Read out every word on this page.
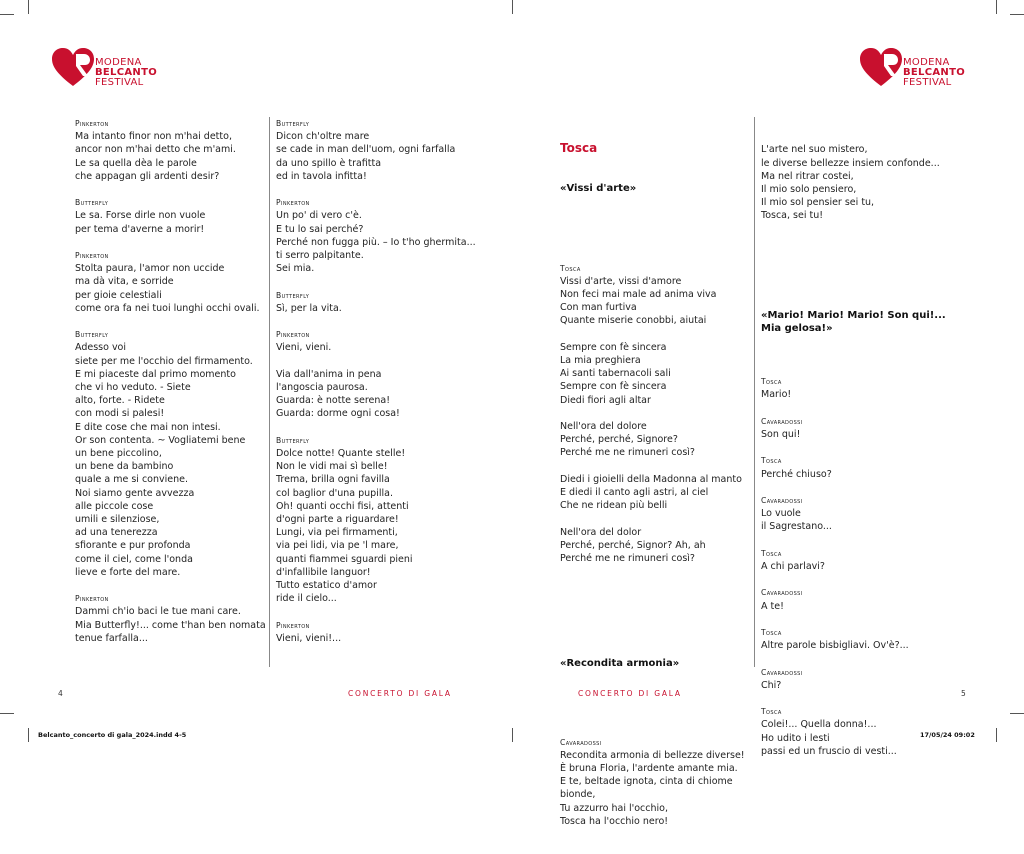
MODENA
BELCANTO
FESTIVAL
MODENA
BELCANTO
FESTIVAL
Pinkerton
Ma intanto finor non m'hai detto,
ancor non m'hai detto che m'ami.
Le sa quella dèa le parole
che appagan gli ardenti desir?
Butterfly
Le sa. Forse dirle non vuole
per tema d'averne a morir!
Pinkerton
Stolta paura, l'amor non uccide
ma dà vita, e sorride
per gioie celestiali
come ora fa nei tuoi lunghi occhi ovali.
Butterfly
Adesso voi
siete per me l'occhio del firmamento.
E mi piaceste dal primo momento
che vi ho veduto. - Siete
alto, forte. - Ridete
con modi si palesi!
E dite cose che mai non intesi.
Or son contenta. ~ Vogliatemi bene
un bene piccolino,
un bene da bambino
quale a me si conviene.
Noi siamo gente avvezza
alle piccole cose
umili e silenziose,
ad una tenerezza
sfiorante e pur profonda
come il ciel, come l'onda
lieve e forte del mare.
Pinkerton
Dammi ch'io baci le tue mani care.
Mia Butterfly!... come t'han ben nomata
tenue farfalla...
Butterfly
Dicon ch'oltre mare
se cade in man dell'uom, ogni farfalla
da uno spillo è trafitta
ed in tavola infitta!
Pinkerton
Un po' di vero c'è.
E tu lo sai perché?
Perché non fugga più. – Io t'ho ghermita...
ti serro palpitante.
Sei mia.
Butterfly
Sì, per la vita.
Pinkerton
Vieni, vieni.
Via dall'anima in pena
l'angoscia paurosa.
Guarda: è notte serena!
Guarda: dorme ogni cosa!
Butterfly
Dolce notte! Quante stelle!
Non le vidi mai sì belle!
Trema, brilla ogni favilla
col baglior d'una pupilla.
Oh! quanti occhi fisi, attenti
d'ogni parte a riguardare!
Lungi, via pei firmamenti,
via pei lidi, via pe 'l mare,
quanti fiammei sguardi pieni
d'infallibile languor!
Tutto estatico d'amor
ride il cielo...
Pinkerton
Vieni, vieni!...

Tosca

«Vissi d'arte»

Tosca
Vissi d'arte, vissi d'amore
Non feci mai male ad anima viva
Con man furtiva
Quante miserie conobbi, aiutai
Sempre con fè sincera
La mia preghiera
Ai santi tabernacoli sali
Sempre con fè sincera
Diedi fiori agli altar
Nell'ora del dolore
Perché, perché, Signore?
Perché me ne rimuneri così?
Diedi i gioielli della Madonna al manto
E diedi il canto agli astri, al ciel
Che ne ridean più belli
Nell'ora del dolor
Perché, perché, Signor? Ah, ah
Perché me ne rimuneri così?

«Recondita armonia»

Cavaradossi
Recondita armonia di bellezze diverse!
È bruna Floria, l'ardente amante mia.
E te, beltade ignota, cinta di chiome
bionde,
Tu azzurro hai l'occhio,
Tosca ha l'occhio nero!

L'arte nel suo mistero,
le diverse bellezze insiem confonde...
Ma nel ritrar costei,
Il mio solo pensiero,
Il mio sol pensier sei tu,
Tosca, sei tu!

«Mario! Mario! Mario! Son qui!...
Mia gelosa!»

Tosca
Mario!
Cavaradossi
Son qui!
Tosca
Perché chiuso?
Cavaradossi
Lo vuole
il Sagrestano...
Tosca
A chi parlavi?
Cavaradossi
A te!
Tosca
Altre parole bisbigliavi. Ov'è?...
Cavaradossi
Chi?
Tosca
Colei!... Quella donna!...
Ho udito i lesti
passi ed un fruscio di vesti...

4	CONCERTO DI GALA	CONCERTO DI GALA	5
Belcanto_concerto di gala_2024.indd 4-5	17/05/24 09:02
